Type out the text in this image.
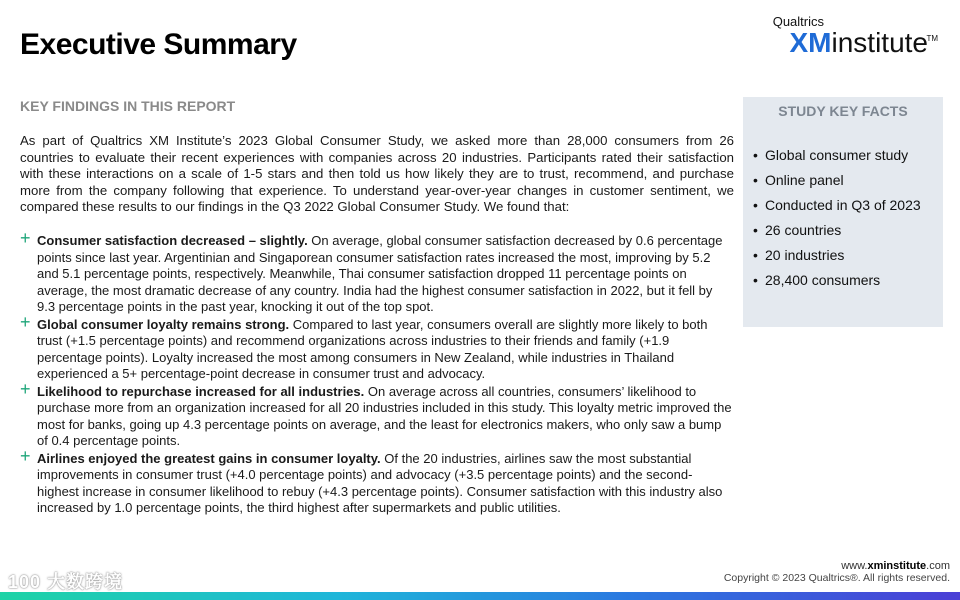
Executive Summary
Qualtrics
XMinstitute
TM
KEY FINDINGS IN THIS REPORT

As part of Qualtrics XM Institute’s 2023 Global Consumer Study, we asked more than 28,000 consumers from 26 countries to evaluate their recent experiences with companies across 20 industries. Participants rated their satisfaction with these interactions on a scale of 1-5 stars and then told us how likely they are to trust, recommend, and purchase more from the company following that experience. To understand year-over-year changes in customer sentiment, we compared these results to our findings in the Q3 2022 Global Consumer Study. We found that:

+ Consumer satisfaction decreased – slightly. On average, global consumer satisfaction decreased by 0.6 percentage points since last year. Argentinian and Singaporean consumer satisfaction rates increased the most, improving by 5.2 and 5.1 percentage points, respectively. Meanwhile, Thai consumer satisfaction dropped 11 percentage points on average, the most dramatic decrease of any country. India had the highest consumer satisfaction in 2022, but it fell by 9.3 percentage points in the past year, knocking it out of the top spot.
+ Global consumer loyalty remains strong. Compared to last year, consumers overall are slightly more likely to both trust (+1.5 percentage points) and recommend organizations across industries to their friends and family (+1.9 percentage points). Loyalty increased the most among consumers in New Zealand, while industries in Thailand experienced a 5+ percentage-point decrease in consumer trust and advocacy.
+ Likelihood to repurchase increased for all industries. On average across all countries, consumers’ likelihood to purchase more from an organization increased for all 20 industries included in this study. This loyalty metric improved the most for banks, going up 4.3 percentage points on average, and the least for electronics makers, who only saw a bump of 0.4 percentage points.
+ Airlines enjoyed the greatest gains in consumer loyalty. Of the 20 industries, airlines saw the most substantial improvements in consumer trust (+4.0 percentage points) and advocacy (+3.5 percentage points) and the second-highest increase in consumer likelihood to rebuy (+4.3 percentage points). Consumer satisfaction with this industry also increased by 1.0 percentage points, the third highest after supermarkets and public utilities.
STUDY KEY FACTS
• Global consumer study
• Online panel
• Conducted in Q3 of 2023
• 26 countries
• 20 industries
• 28,400 consumers
100 大数跨境
www.xminstitute.com
Copyright © 2023 Qualtrics®. All rights reserved.
